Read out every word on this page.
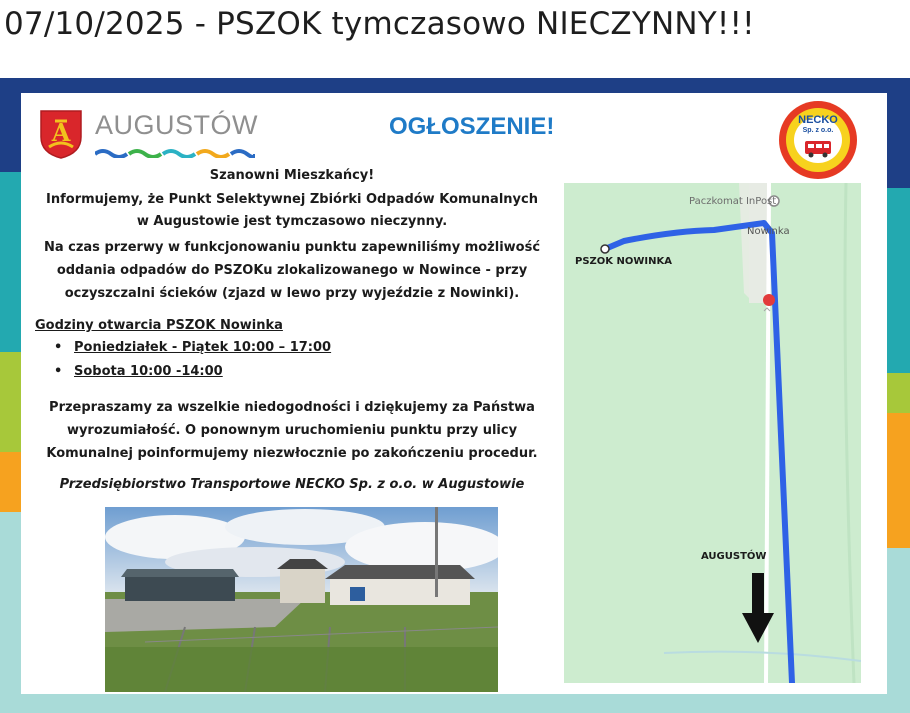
07/10/2025 - PSZOK tymczasowo NIECZYNNY!!!
A AUGUSTÓW	OGŁOSZENIE!	NECKO
Sp. z o.o.
Szanowni Mieszkańcy!
Informujemy, że Punkt Selektywnej Zbiórki Odpadów Komunalnych
w Augustowie jest tymczasowo nieczynny.
Na czas przerwy w funkcjonowaniu punktu zapewniliśmy możliwość
oddania odpadów do PSZOKu zlokalizowanego w Nowince - przy
oczyszczalni ścieków (zjazd w lewo przy wyjeździe z Nowinki).
Godziny otwarcia PSZOK Nowinka
• Poniedziałek - Piątek 10:00 – 17:00
• Sobota 10:00 -14:00
Przepraszamy za wszelkie niedogodności i dziękujemy za Państwa
wyrozumiałość. O ponownym uruchomieniu punktu przy ulicy
Komunalnej poinformujemy niezwłocznie po zakończeniu procedur.
Przedsiębiorstwo Transportowe NECKO Sp. z o.o. w Augustowie
Paczkomat InPost
Nowinka
PSZOK NOWINKA
AUGUSTÓW
